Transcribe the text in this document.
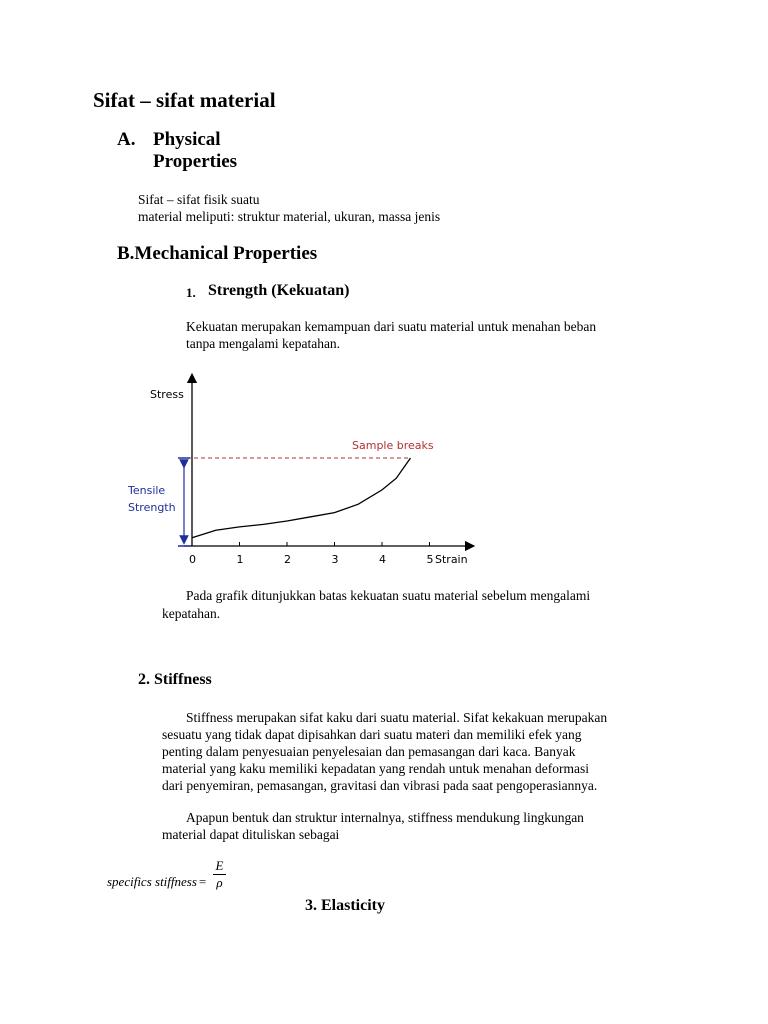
Sifat – sifat material
A. Physical
Properties
Sifat – sifat fisik suatu
material meliputi: struktur material, ukuran, massa jenis
B.Mechanical Properties
1. Strength (Kekuatan)
Kekuatan merupakan kemampuan dari suatu material untuk menahan beban
tanpa mengalami kepatahan.
Stress
Strain
0	1	2	3	4	5
Sample breaks
Tensile
Strength
Pada grafik ditunjukkan batas kekuatan suatu material sebelum mengalami
kepatahan.
2. Stiffness
Stiffness merupakan sifat kaku dari suatu material. Sifat kekakuan merupakan
sesuatu yang tidak dapat dipisahkan dari suatu materi dan memiliki efek yang
penting dalam penyesuaian penyelesaian dan pemasangan dari kaca. Banyak
material yang kaku memiliki kepadatan yang rendah untuk menahan deformasi
dari penyemiran, pemasangan, gravitasi dan vibrasi pada saat pengoperasiannya.
Apapun bentuk dan struktur internalnya, stiffness mendukung lingkungan
material dapat dituliskan sebagai
specifics stiffness = $\frac{E}{\rho}$
3. Elasticity
